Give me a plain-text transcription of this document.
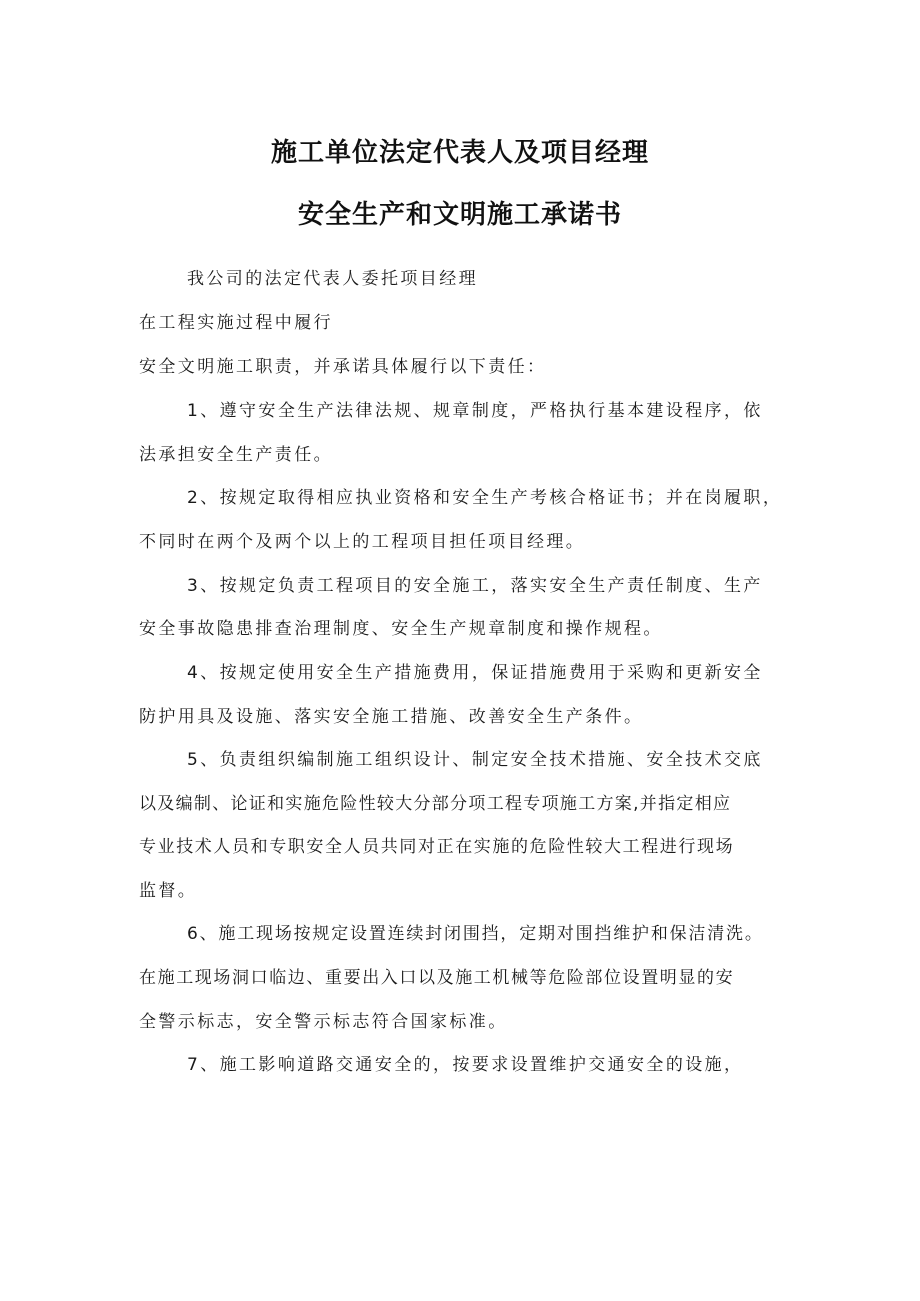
施工单位法定代表人及项目经理
安全生产和文明施工承诺书
我公司的法定代表人委托项目经理
在工程实施过程中履行
安全文明施工职责，并承诺具体履行以下责任：
1、遵守安全生产法律法规、规章制度，严格执行基本建设程序，依
法承担安全生产责任。
2、按规定取得相应执业资格和安全生产考核合格证书；并在岗履职，
不同时在两个及两个以上的工程项目担任项目经理。
3、按规定负责工程项目的安全施工，落实安全生产责任制度、生产
安全事故隐患排查治理制度、安全生产规章制度和操作规程。
4、按规定使用安全生产措施费用，保证措施费用于采购和更新安全
防护用具及设施、落实安全施工措施、改善安全生产条件。
5、负责组织编制施工组织设计、制定安全技术措施、安全技术交底
以及编制、论证和实施危险性较大分部分项工程专项施工方案,并指定相应
专业技术人员和专职安全人员共同对正在实施的危险性较大工程进行现场
监督。
6、施工现场按规定设置连续封闭围挡，定期对围挡维护和保洁清洗。
在施工现场洞口临边、重要出入口以及施工机械等危险部位设置明显的安
全警示标志，安全警示标志符合国家标准。
7、施工影响道路交通安全的，按要求设置维护交通安全的设施，
